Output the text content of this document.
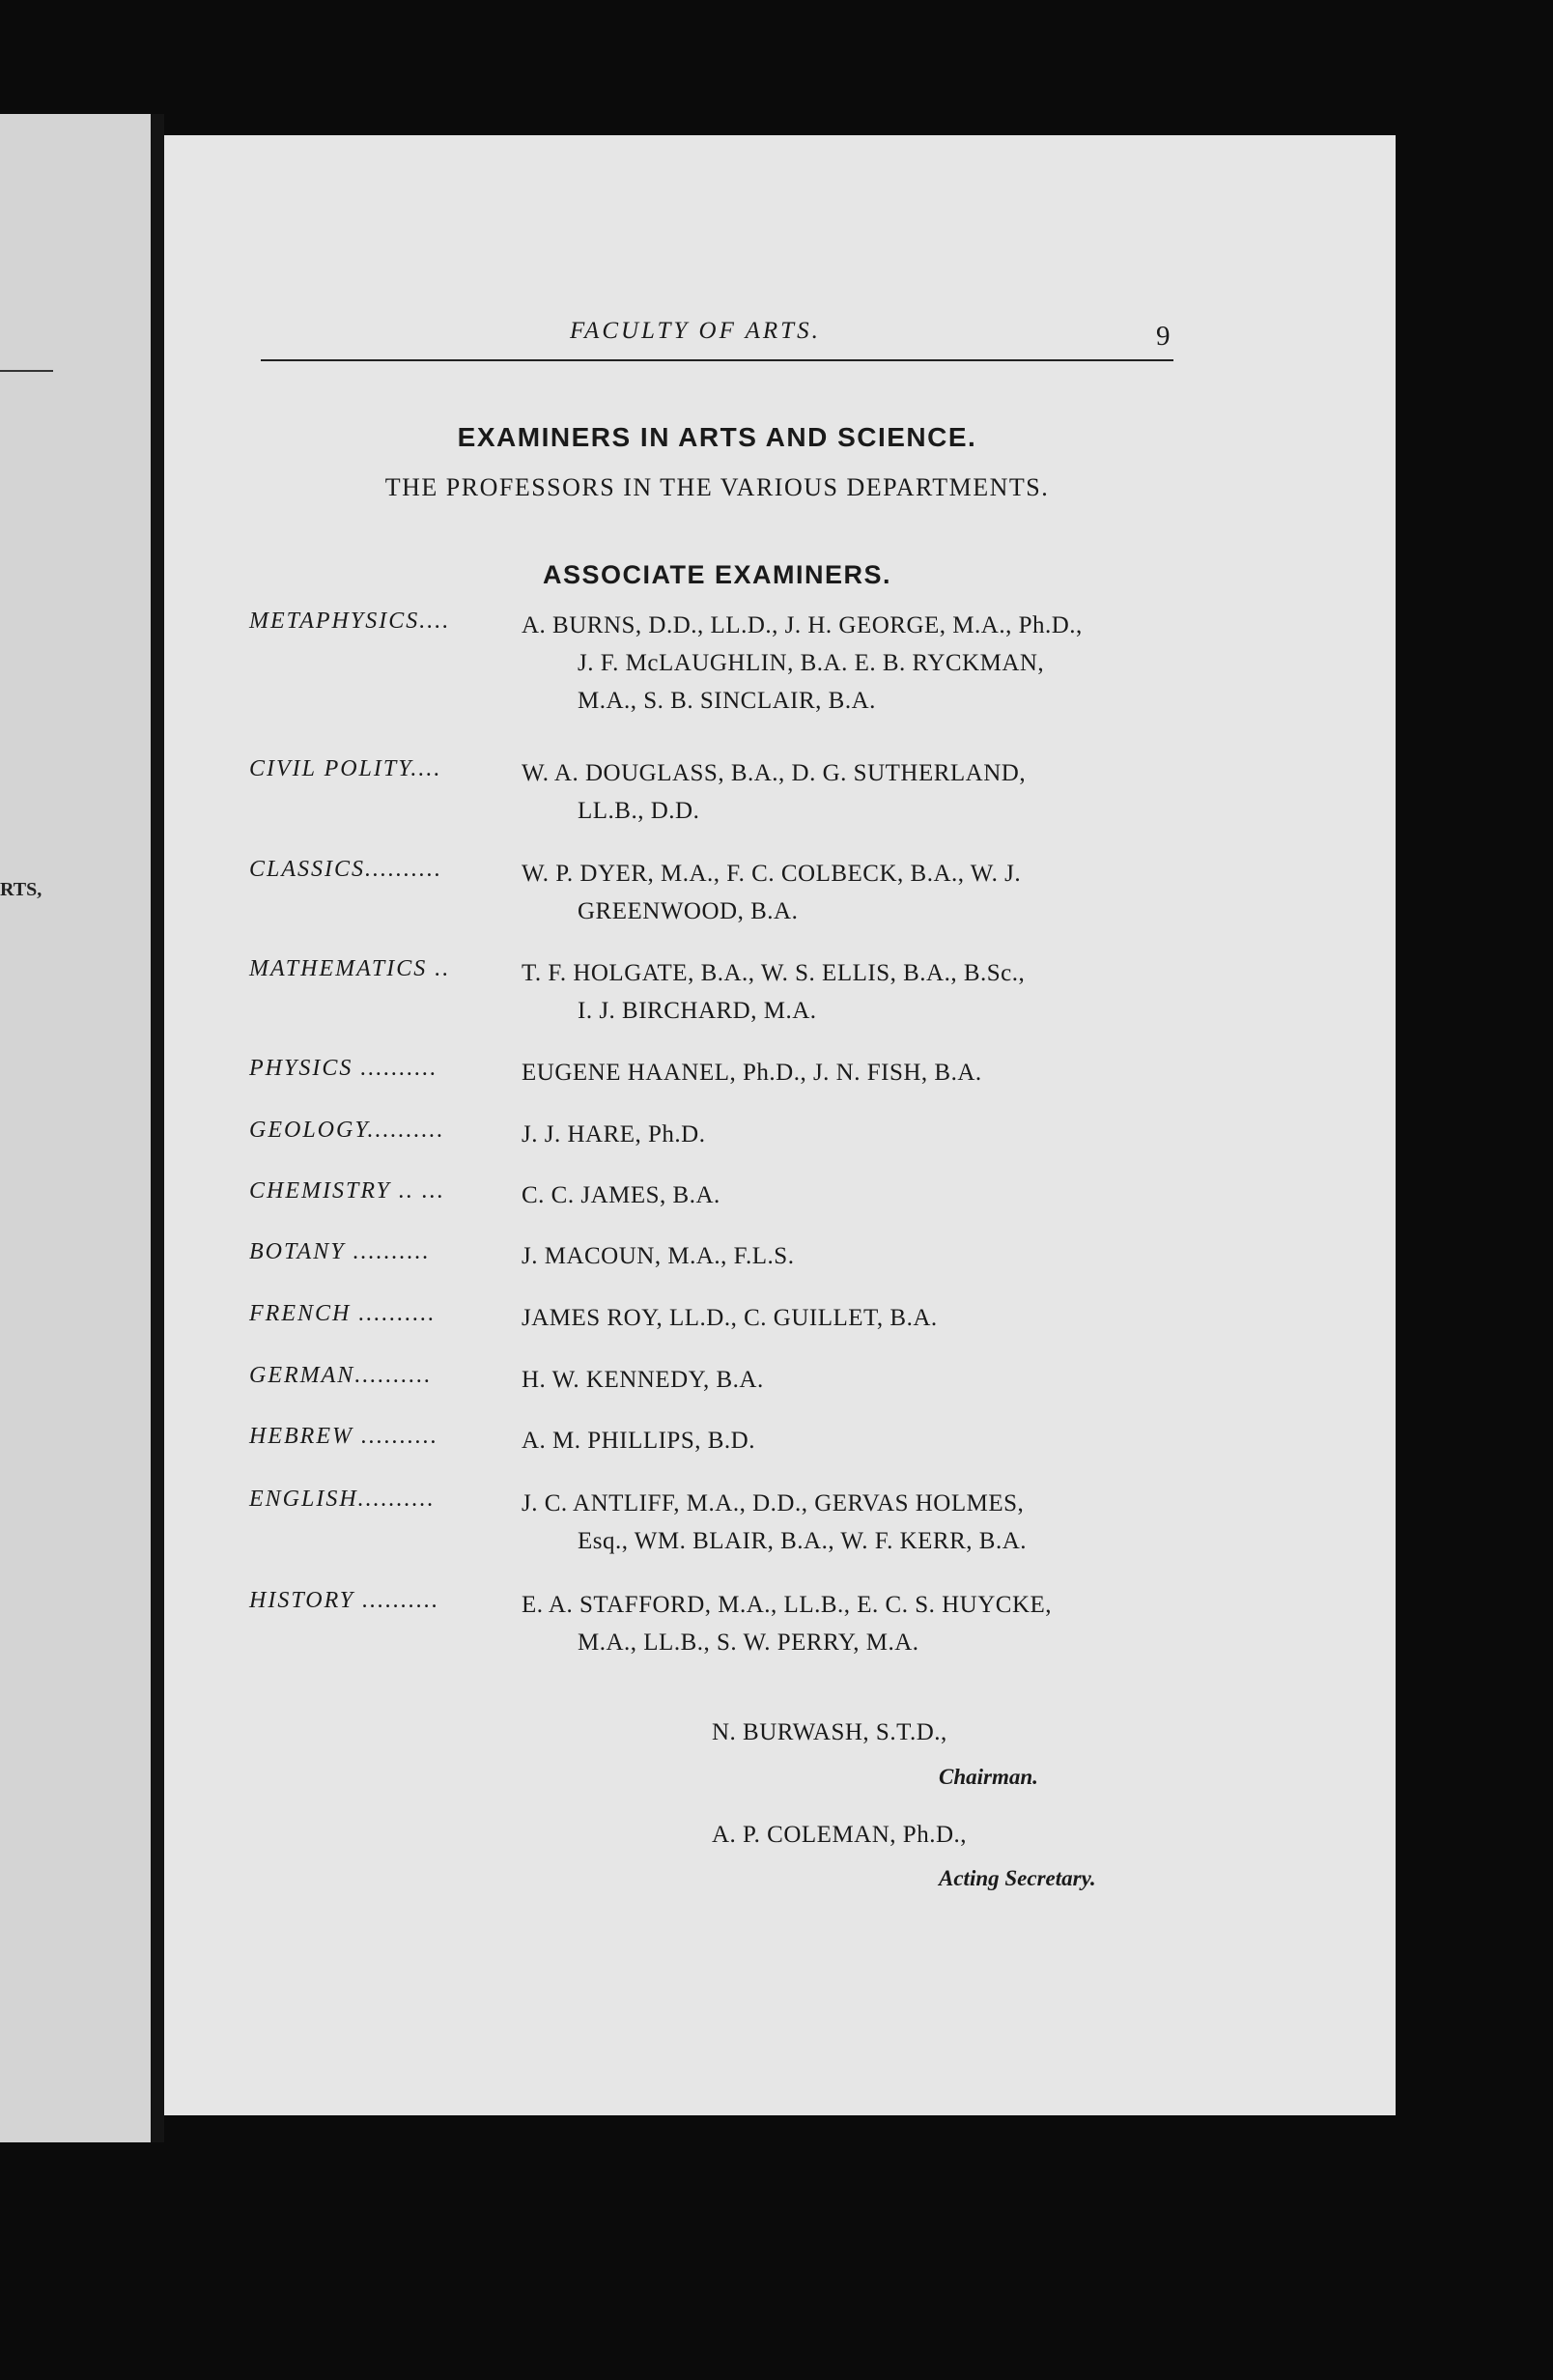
RTS,
FACULTY OF ARTS.	9
EXAMINERS IN ARTS AND SCIENCE.
THE PROFESSORS IN THE VARIOUS DEPARTMENTS.
ASSOCIATE EXAMINERS.
METAPHYSICS....	A. BURNS, D.D., LL.D., J. H. GEORGE, M.A., Ph.D.,
J. F. McLAUGHLIN, B.A. E. B. RYCKMAN,
M.A., S. B. SINCLAIR, B.A.
CIVIL POLITY....	W. A. DOUGLASS, B.A., D. G. SUTHERLAND,
LL.B., D.D.
CLASSICS..........	W. P. DYER, M.A., F. C. COLBECK, B.A., W. J.
GREENWOOD, B.A.
MATHEMATICS ..	T. F. HOLGATE, B.A., W. S. ELLIS, B.A., B.Sc.,
I. J. BIRCHARD, M.A.
PHYSICS ..........	EUGENE HAANEL, Ph.D., J. N. FISH, B.A.
GEOLOGY..........	J. J. HARE, Ph.D.
CHEMISTRY .. ...	C. C. JAMES, B.A.
BOTANY ..........	J. MACOUN, M.A., F.L.S.
FRENCH ..........	JAMES ROY, LL.D., C. GUILLET, B.A.
GERMAN..........	H. W. KENNEDY, B.A.
HEBREW ..........	A. M. PHILLIPS, B.D.
ENGLISH..........	J. C. ANTLIFF, M.A., D.D., GERVAS HOLMES,
Esq., WM. BLAIR, B.A., W. F. KERR, B.A.
HISTORY ..........	E. A. STAFFORD, M.A., LL.B., E. C. S. HUYCKE,
M.A., LL.B., S. W. PERRY, M.A.
N. BURWASH, S.T.D.,
Chairman.
A. P. COLEMAN, Ph.D.,
Acting Secretary.
